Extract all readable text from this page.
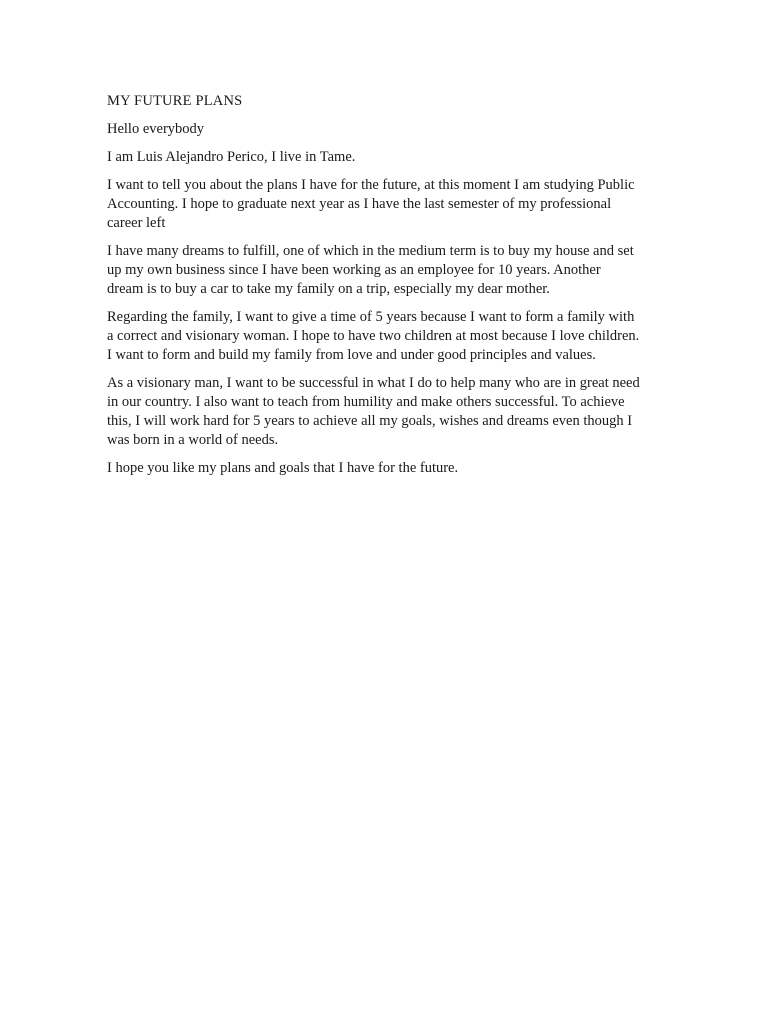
MY FUTURE PLANS
Hello everybody
I am Luis Alejandro Perico, I live in Tame.
I want to tell you about the plans I have for the future, at this moment I am studying Public
Accounting. I hope to graduate next year as I have the last semester of my professional
career left
I have many dreams to fulfill, one of which in the medium term is to buy my house and set
up my own business since I have been working as an employee for 10 years. Another
dream is to buy a car to take my family on a trip, especially my dear mother.
Regarding the family, I want to give a time of 5 years because I want to form a family with
a correct and visionary woman. I hope to have two children at most because I love children.
I want to form and build my family from love and under good principles and values.
As a visionary man, I want to be successful in what I do to help many who are in great need
in our country. I also want to teach from humility and make others successful. To achieve
this, I will work hard for 5 years to achieve all my goals, wishes and dreams even though I
was born in a world of needs.
I hope you like my plans and goals that I have for the future.
